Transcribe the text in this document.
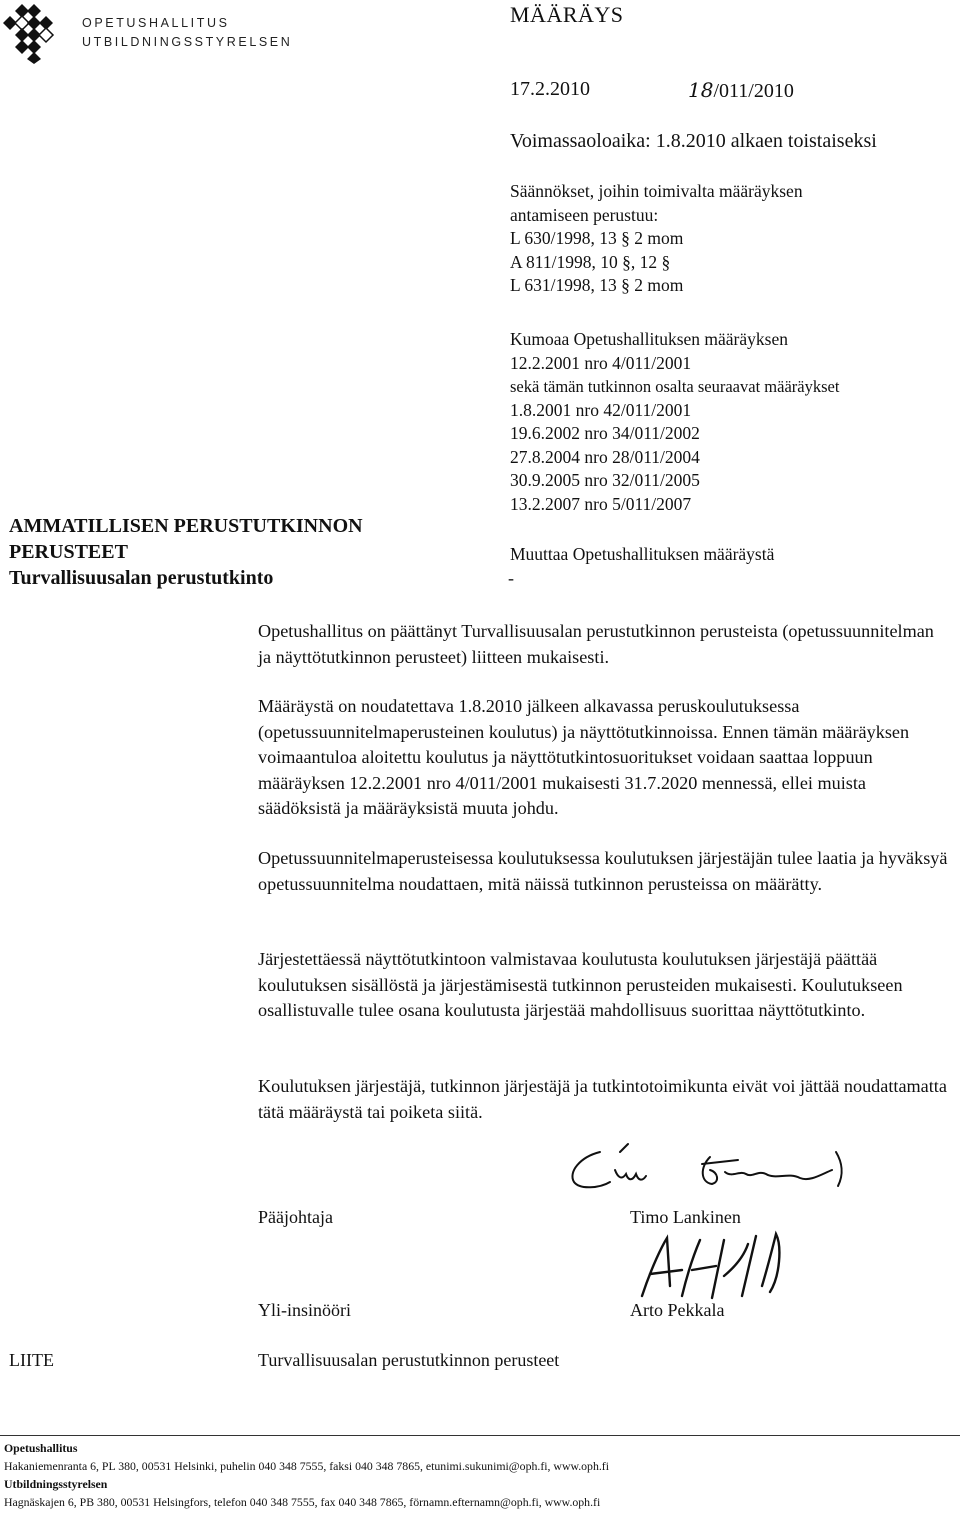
OPETUSHALLITUS
UTBILDNINGSSTYRELSEN
MÄÄRÄYS
17.2.2010	18/011/2010
Voimassaoloaika: 1.8.2010 alkaen toistaiseksi
Säännökset, joihin toimivalta määräyksen
antamiseen perustuu:
L 630/1998, 13 § 2 mom
A 811/1998, 10 §, 12 §
L 631/1998, 13 § 2 mom
Kumoaa Opetushallituksen määräyksen
12.2.2001 nro 4/011/2001
sekä tämän tutkinnon osalta seuraavat määräykset
1.8.2001 nro 42/011/2001
19.6.2002 nro 34/011/2002
27.8.2004 nro 28/011/2004
30.9.2005 nro 32/011/2005
13.2.2007 nro 5/011/2007
Muuttaa Opetushallituksen määräystä
-
AMMATILLISEN PERUSTUTKINNON
PERUSTEET
Turvallisuusalan perustutkinto
Opetushallitus on päättänyt Turvallisuusalan perustutkinnon perusteista (opetussuunnitelman ja näyttötutkinnon perusteet) liitteen mukaisesti.
Määräystä on noudatettava 1.8.2010 jälkeen alkavassa peruskoulutuksessa (opetussuunnitelmaperusteinen koulutus) ja näyttötutkinnoissa. Ennen tämän määräyksen voimaantuloa aloitettu koulutus ja näyttötutkintosuoritukset voidaan saattaa loppuun määräyksen 12.2.2001 nro 4/011/2001 mukaisesti 31.7.2020 mennessä, ellei muista säädöksistä ja määräyksistä muuta johdu.
Opetussuunnitelmaperusteisessa koulutuksessa koulutuksen järjestäjän tulee laatia ja hyväksyä opetussuunnitelma noudattaen, mitä näissä tutkinnon perusteissa on määrätty.
Järjestettäessä näyttötutkintoon valmistavaa koulutusta koulutuksen järjestäjä päättää koulutuksen sisällöstä ja järjestämisestä tutkinnon perusteiden mukaisesti. Koulutukseen osallistuvalle tulee osana koulutusta järjestää mahdollisuus suorittaa näyttötutkinto.
Koulutuksen järjestäjä, tutkinnon järjestäjä ja tutkintotoimikunta eivät voi jättää noudattamatta tätä määräystä tai poiketa siitä.
Pääjohtaja	Timo Lankinen
Yli-insinööri	Arto Pekkala
LIITE	Turvallisuusalan perustutkinnon perusteet
Opetushallitus
Hakaniemenranta 6, PL 380, 00531 Helsinki, puhelin 040 348 7555, faksi 040 348 7865, etunimi.sukunimi@oph.fi, www.oph.fi
Utbildningsstyrelsen
Hagnäskajen 6, PB 380, 00531 Helsingfors, telefon 040 348 7555, fax 040 348 7865, förnamn.efternamn@oph.fi, www.oph.fi
